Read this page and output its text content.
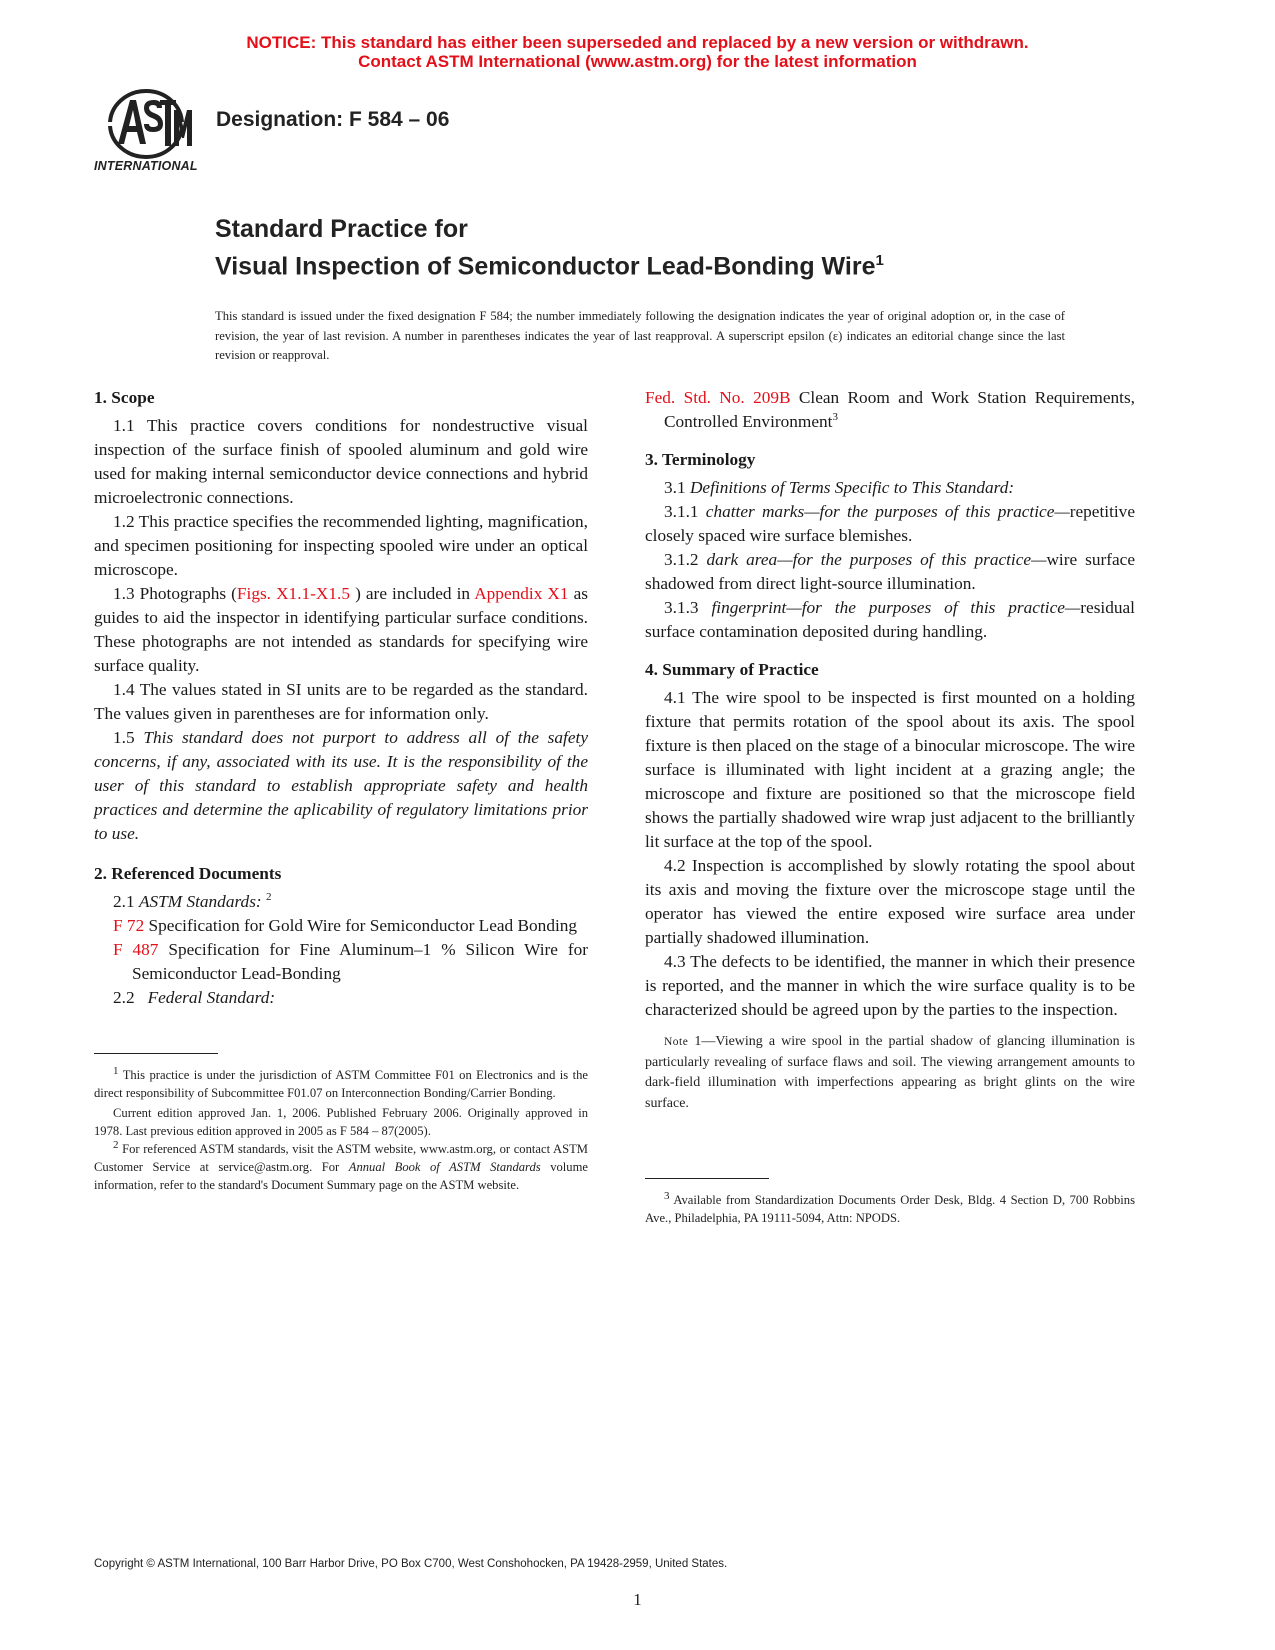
NOTICE: This standard has either been superseded and replaced by a new version or withdrawn.
Contact ASTM International (www.astm.org) for the latest information
INTERNATIONAL
Designation: F 584 – 06
Standard Practice for
Visual Inspection of Semiconductor Lead-Bonding Wire$^1$
This standard is issued under the fixed designation F 584; the number immediately following the designation indicates the year of original adoption or, in the case of revision, the year of last revision. A number in parentheses indicates the year of last reapproval. A superscript epsilon (ε) indicates an editorial change since the last revision or reapproval.

1. Scope

1.1 This practice covers conditions for nondestructive visual inspection of the surface finish of spooled aluminum and gold wire used for making internal semiconductor device connections and hybrid microelectronic connections.

1.2 This practice specifies the recommended lighting, magnification, and specimen positioning for inspecting spooled wire under an optical microscope.

1.3 Photographs (Figs. X1.1-X1.5 ) are included in Appendix X1 as guides to aid the inspector in identifying particular surface conditions. These photographs are not intended as standards for specifying wire surface quality.

1.4 The values stated in SI units are to be regarded as the standard. The values given in parentheses are for information only.

1.5 This standard does not purport to address all of the safety concerns, if any, associated with its use. It is the responsibility of the user of this standard to establish appropriate safety and health practices and determine the aplicability of regulatory limitations prior to use.

2. Referenced Documents

2.1 ASTM Standards: $^2$

F 72 Specification for Gold Wire for Semiconductor Lead Bonding

F 487 Specification for Fine Aluminum–1 % Silicon Wire for Semiconductor Lead-Bonding

2.2 Federal Standard:

$^1$ This practice is under the jurisdiction of ASTM Committee F01 on Electronics and is the direct responsibility of Subcommittee F01.07 on Interconnection Bonding/Carrier Bonding.

Current edition approved Jan. 1, 2006. Published February 2006. Originally approved in 1978. Last previous edition approved in 2005 as F 584 – 87(2005).

$^2$ For referenced ASTM standards, visit the ASTM website, www.astm.org, or contact ASTM Customer Service at service@astm.org. For Annual Book of ASTM Standards volume information, refer to the standard's Document Summary page on the ASTM website.

Fed. Std. No. 209B Clean Room and Work Station Requirements, Controlled Environment$^3$

3. Terminology

3.1 Definitions of Terms Specific to This Standard:

3.1.1 chatter marks—for the purposes of this practice—repetitive closely spaced wire surface blemishes.

3.1.2 dark area—for the purposes of this practice—wire surface shadowed from direct light-source illumination.

3.1.3 fingerprint—for the purposes of this practice—residual surface contamination deposited during handling.

4. Summary of Practice

4.1 The wire spool to be inspected is first mounted on a holding fixture that permits rotation of the spool about its axis. The spool fixture is then placed on the stage of a binocular microscope. The wire surface is illuminated with light incident at a grazing angle; the microscope and fixture are positioned so that the microscope field shows the partially shadowed wire wrap just adjacent to the brilliantly lit surface at the top of the spool.

4.2 Inspection is accomplished by slowly rotating the spool about its axis and moving the fixture over the microscope stage until the operator has viewed the entire exposed wire surface area under partially shadowed illumination.

4.3 The defects to be identified, the manner in which their presence is reported, and the manner in which the wire surface quality is to be characterized should be agreed upon by the parties to the inspection.

Note 1—Viewing a wire spool in the partial shadow of glancing illumination is particularly revealing of surface flaws and soil. The viewing arrangement amounts to dark-field illumination with imperfections appearing as bright glints on the wire surface.

$^3$ Available from Standardization Documents Order Desk, Bldg. 4 Section D, 700 Robbins Ave., Philadelphia, PA 19111-5094, Attn: NPODS.

Copyright © ASTM International, 100 Barr Harbor Drive, PO Box C700, West Conshohocken, PA 19428-2959, United States.
1
